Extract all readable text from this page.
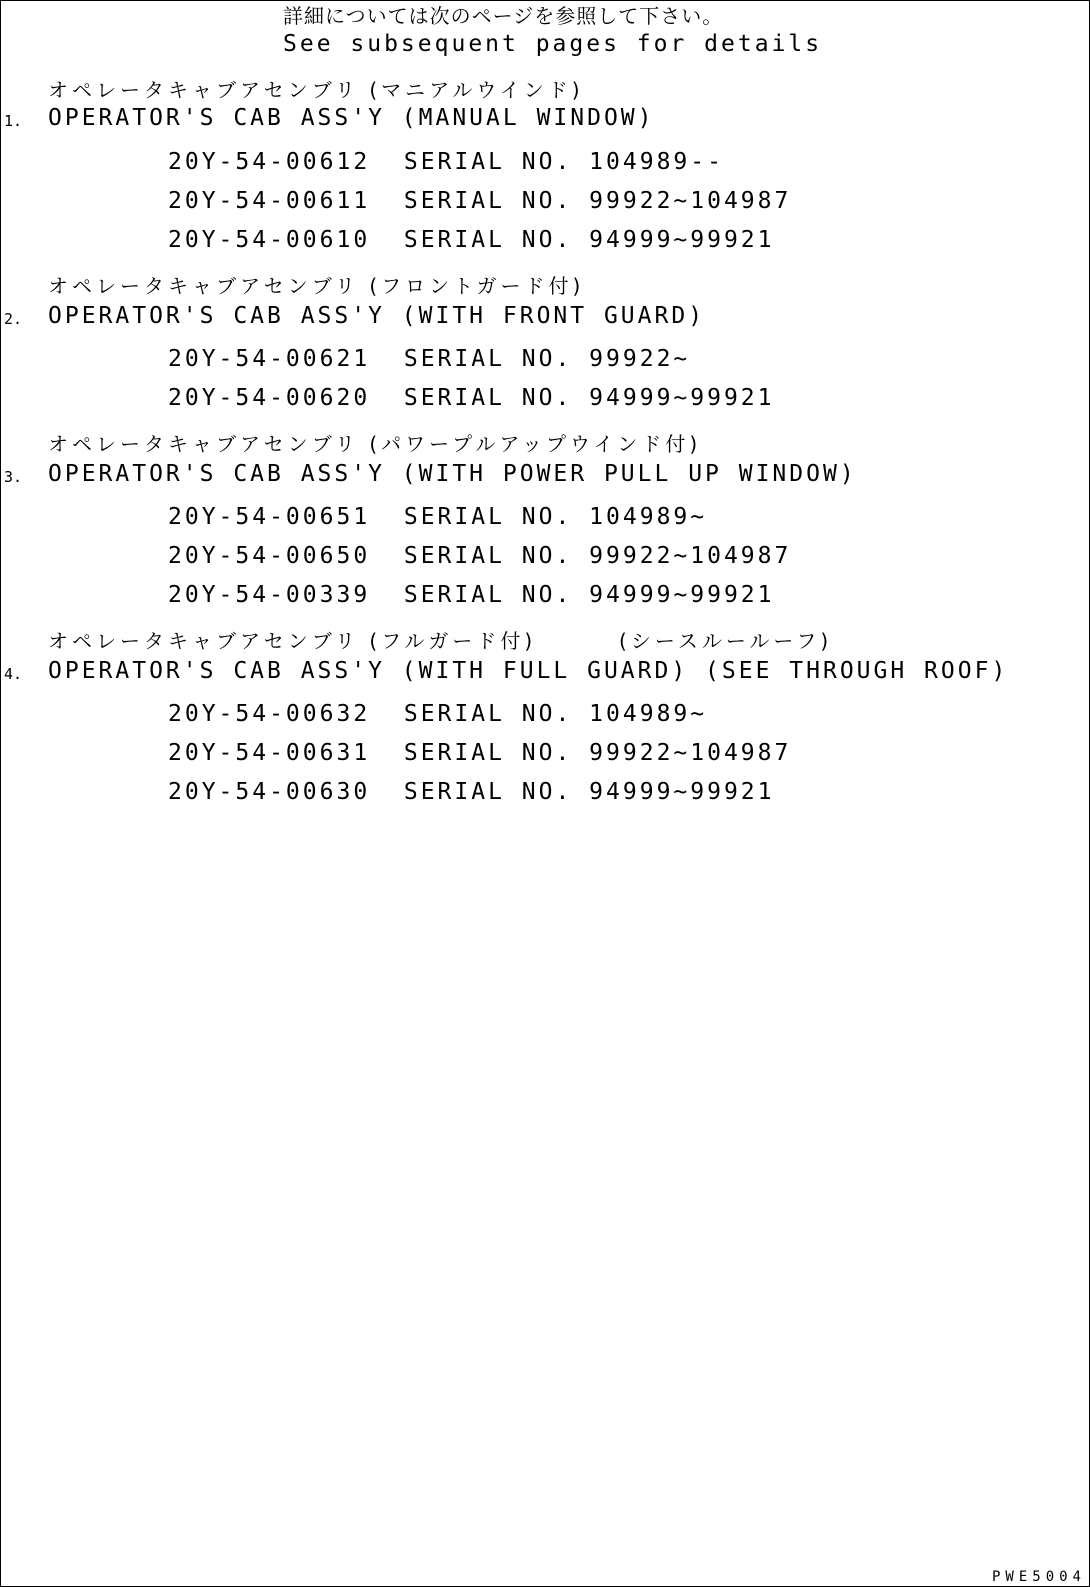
詳細については次のページを参照して下さい。
See subsequent pages for details
オペレータキャブアセンブリ (マニアルウインド)
1. OPERATOR'S CAB ASS'Y (MANUAL WINDOW)
20Y-54-00612  SERIAL NO. 104989--
20Y-54-00611  SERIAL NO. 99922~104987
20Y-54-00610  SERIAL NO. 94999~99921
オペレータキャブアセンブリ (フロントガード付)
2. OPERATOR'S CAB ASS'Y (WITH FRONT GUARD)
20Y-54-00621  SERIAL NO. 99922~
20Y-54-00620  SERIAL NO. 94999~99921
オペレータキャブアセンブリ (パワープルアップウインド付)
3. OPERATOR'S CAB ASS'Y (WITH POWER PULL UP WINDOW)
20Y-54-00651  SERIAL NO. 104989~
20Y-54-00650  SERIAL NO. 99922~104987
20Y-54-00339  SERIAL NO. 94999~99921
オペレータキャブアセンブリ (フルガード付)        (シースルールーフ)
4. OPERATOR'S CAB ASS'Y (WITH FULL GUARD) (SEE THROUGH ROOF)
20Y-54-00632  SERIAL NO. 104989~
20Y-54-00631  SERIAL NO. 99922~104987
20Y-54-00630  SERIAL NO. 94999~99921
PWE5004
